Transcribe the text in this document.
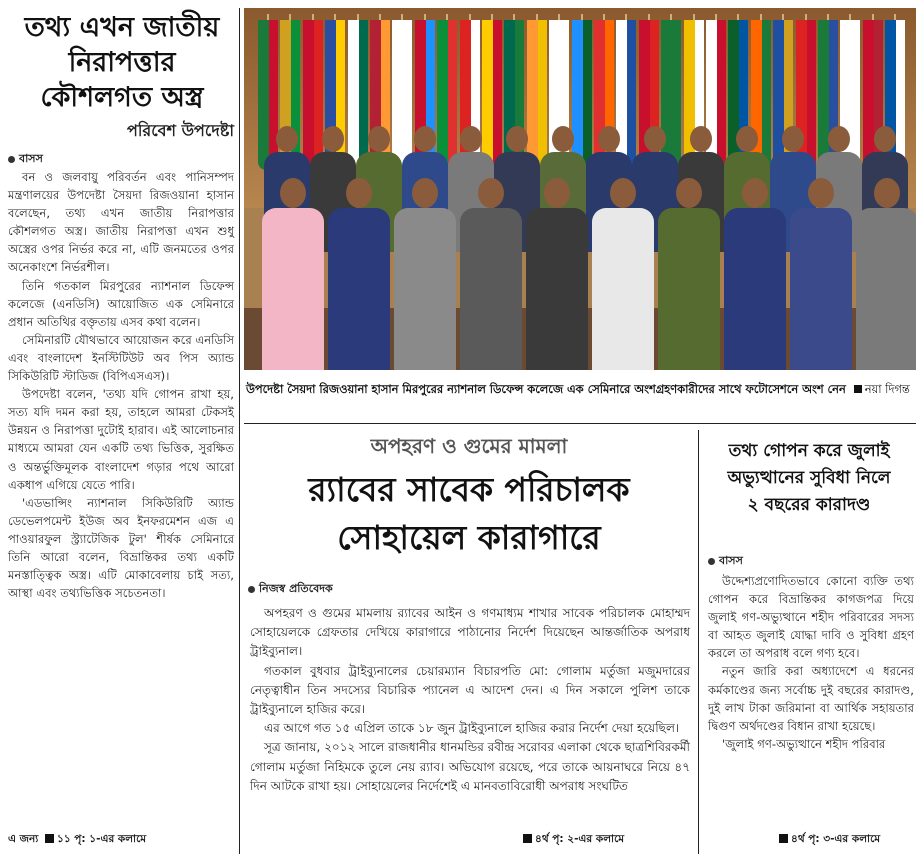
তথ্য এখন জাতীয়
নিরাপত্তার
কৌশলগত অস্ত্র
পরিবেশ উপদেষ্টা
বাসস

বন ও জলবায়ু পরিবর্তন এবং পানিসম্পদ মন্ত্রণালয়ের উপদেষ্টা সৈয়দা রিজওয়ানা হাসান বলেছেন, তথ্য এখন জাতীয় নিরাপত্তার কৌশলগত অস্ত্র। জাতীয় নিরাপত্তা এখন শুধু অস্ত্রের ওপর নির্ভর করে না, এটি জনমতের ওপর অনেকাংশে নির্ভরশীল।

তিনি গতকাল মিরপুরের ন্যাশনাল ডিফেন্স কলেজে (এনডিসি) আয়োজিত এক সেমিনারে প্রধান অতিথির বক্তৃতায় এসব কথা বলেন।

সেমিনারটি যৌথভাবে আয়োজন করে এনডিসি এবং বাংলাদেশ ইনস্টিটিউট অব পিস অ্যান্ড সিকিউরিটি স্টাডিজ (বিপিএসএস)।

উপদেষ্টা বলেন, 'তথ্য যদি গোপন রাখা হয়, সত্য যদি দমন করা হয়, তাহলে আমরা টেকসই উন্নয়ন ও নিরাপত্তা দুটোই হারাব। এই আলোচনার মাধ্যমে আমরা যেন একটি তথ্য ভিত্তিক, সুরক্ষিত ও অন্তর্ভুক্তিমূলক বাংলাদেশ গড়ার পথে আরো একধাপ এগিয়ে যেতে পারি।

'এডভান্সিং ন্যাশনাল সিকিউরিটি অ্যান্ড ডেভেলপমেন্ট ইউজ অব ইনফরমেশন এজ এ পাওয়ারফুল স্ট্র্যাটেজিক টুল' শীর্ষক সেমিনারে তিনি আরো বলেন, বিভ্রান্তিকর তথ্য একটি মনস্তাত্ত্বিক অস্ত্র। এটি মোকাবেলায় চাই সত্য, আস্থা এবং তথ্যভিত্তিক সচেতনতা।

এ জন্য ১১ পৃ: ১-এর কলামে
উপদেষ্টা সৈয়দা রিজওয়ানা হাসান মিরপুরের ন্যাশনাল ডিফেন্স কলেজে এক সেমিনারে অংশগ্রহণকারীদের সাথে ফটোসেশনে অংশ নেন নয়া দিগন্ত
অপহরণ ও গুমের মামলা
র‌্যাবের সাবেক পরিচালক
সোহায়েল কারাগারে
নিজস্ব প্রতিবেদক

অপহরণ ও গুমের মামলায় র‌্যাবের আইন ও গণমাধ্যম শাখার সাবেক পরিচালক মোহাম্মদ সোহায়েলকে গ্রেফতার দেখিয়ে কারাগারে পাঠানোর নির্দেশ দিয়েছেন আন্তর্জাতিক অপরাধ ট্রাইব্যুনাল।

গতকাল বুধবার ট্রাইব্যুনালের চেয়ারম্যান বিচারপতি মো: গোলাম মর্তুজা মজুমদারের নেতৃত্বাধীন তিন সদস্যের বিচারিক প্যানেল এ আদেশ দেন। এ দিন সকালে পুলিশ তাকে ট্রাইব্যুনালে হাজির করে।

এর আগে গত ১৫ এপ্রিল তাকে ১৮ জুন ট্রাইব্যুনালে হাজির করার নির্দেশ দেয়া হয়েছিল।

সূত্র জানায়, ২০১২ সালে রাজধানীর ধানমন্ডির রবীন্দ্র সরোবর এলাকা থেকে ছাত্রশিবিরকর্মী গোলাম মর্তুজা নিহিমকে তুলে নেয় র‌্যাব। অভিযোগ রয়েছে, পরে তাকে আয়নাঘরে নিয়ে ৪৭ দিন আটকে রাখা হয়। সোহায়েলের নির্দেশেই এ মানবতাবিরোধী অপরাধ সংঘটিত

৪র্থ পৃ: ২-এর কলামে
তথ্য গোপন করে জুলাই
অভ্যুত্থানের সুবিধা নিলে
২ বছরের কারাদণ্ড
বাসস

উদ্দেশ্যপ্রণোদিতভাবে কোনো ব্যক্তি তথ্য গোপন করে বিভ্রান্তিকর কাগজপত্র দিয়ে জুলাই গণ-অভ্যুত্থানে শহীদ পরিবারের সদস্য বা আহত জুলাই যোদ্ধা দাবি ও সুবিধা গ্রহণ করলে তা অপরাধ বলে গণ্য হবে।

নতুন জারি করা অধ্যাদেশে এ ধরনের কর্মকাণ্ডের জন্য সর্বোচ্চ দুই বছরের কারাদণ্ড, দুই লাখ টাকা জরিমানা বা আর্থিক সহায়তার দ্বিগুণ অর্থদণ্ডের বিধান রাখা হয়েছে।

'জুলাই গণ-অভ্যুত্থানে শহীদ পরিবার

৪র্থ পৃ: ৩-এর কলামে
